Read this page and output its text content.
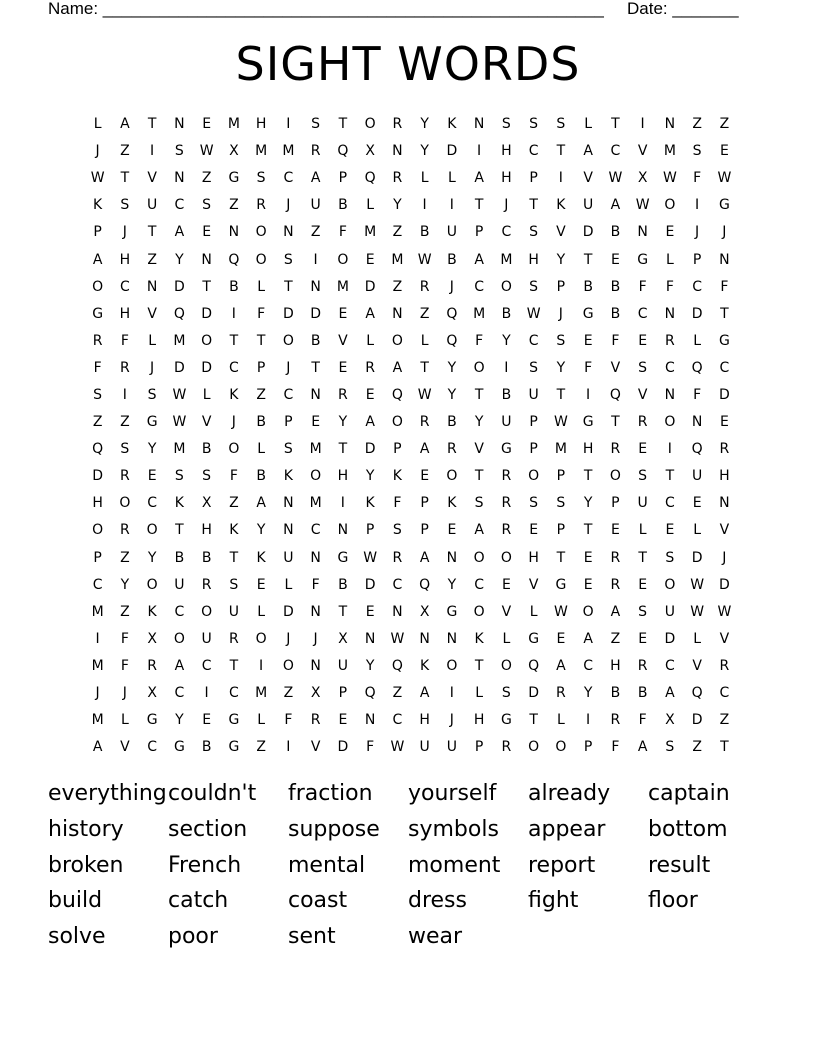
Name: _____________________________________________________ Date: _______
SIGHT WORDS
L	A	T	N	E	M	H	I	S	T	O	R	Y	K	N	S	S	S	L	T	I	N	Z	Z
J	Z	I	S	W	X	M	M	R	Q	X	N	Y	D	I	H	C	T	A	C	V	M	S	E
W	T	V	N	Z	G	S	C	A	P	Q	R	L	L	A	H	P	I	V	W	X	W	F	W
K	S	U	C	S	Z	R	J	U	B	L	Y	I	I	T	J	T	K	U	A	W	O	I	G
P	J	T	A	E	N	O	N	Z	F	M	Z	B	U	P	C	S	V	D	B	N	E	J	J
A	H	Z	Y	N	Q	O	S	I	O	E	M	W	B	A	M	H	Y	T	E	G	L	P	N
O	C	N	D	T	B	L	T	N	M	D	Z	R	J	C	O	S	P	B	B	F	F	C	F
G	H	V	Q	D	I	F	D	D	E	A	N	Z	Q	M	B	W	J	G	B	C	N	D	T
R	F	L	M	O	T	T	O	B	V	L	O	L	Q	F	Y	C	S	E	F	E	R	L	G
F	R	J	D	D	C	P	J	T	E	R	A	T	Y	O	I	S	Y	F	V	S	C	Q	C
S	I	S	W	L	K	Z	C	N	R	E	Q	W	Y	T	B	U	T	I	Q	V	N	F	D
Z	Z	G	W	V	J	B	P	E	Y	A	O	R	B	Y	U	P	W	G	T	R	O	N	E
Q	S	Y	M	B	O	L	S	M	T	D	P	A	R	V	G	P	M	H	R	E	I	Q	R
D	R	E	S	S	F	B	K	O	H	Y	K	E	O	T	R	O	P	T	O	S	T	U	H
H	O	C	K	X	Z	A	N	M	I	K	F	P	K	S	R	S	S	Y	P	U	C	E	N
O	R	O	T	H	K	Y	N	C	N	P	S	P	E	A	R	E	P	T	E	L	E	L	V
P	Z	Y	B	B	T	K	U	N	G	W	R	A	N	O	O	H	T	E	R	T	S	D	J
C	Y	O	U	R	S	E	L	F	B	D	C	Q	Y	C	E	V	G	E	R	E	O	W	D
M	Z	K	C	O	U	L	D	N	T	E	N	X	G	O	V	L	W	O	A	S	U	W W
I	F	X	O	U	R	O	J	J	X	N	W	N	N	K	L	G	E	A	Z	E	D	L	V
M	F	R	A	C	T	I	O	N	U	Y	Q	K	O	T	O	Q	A	C	H	R	C	V	R
J	J	X	C	I	C	M	Z	X	P	Q	Z	A	I	L	S	D	R	Y	B	B	A	Q	C
M	L	G	Y	E	G	L	F	R	E	N	C	H	J	H	G	T	L	I	R	F	X	D	Z
A	V	C	G	B	G	Z	I	V	D	F	W	U	U	P	R	O	O	P	F	A	S	Z	T
everything couldn't	fraction	yourself	already	captain
history	section	suppose	symbols	appear	bottom
broken	French	mental	moment	report	result
build	catch	coast	dress	fight	floor
solve	poor	sent	wear
